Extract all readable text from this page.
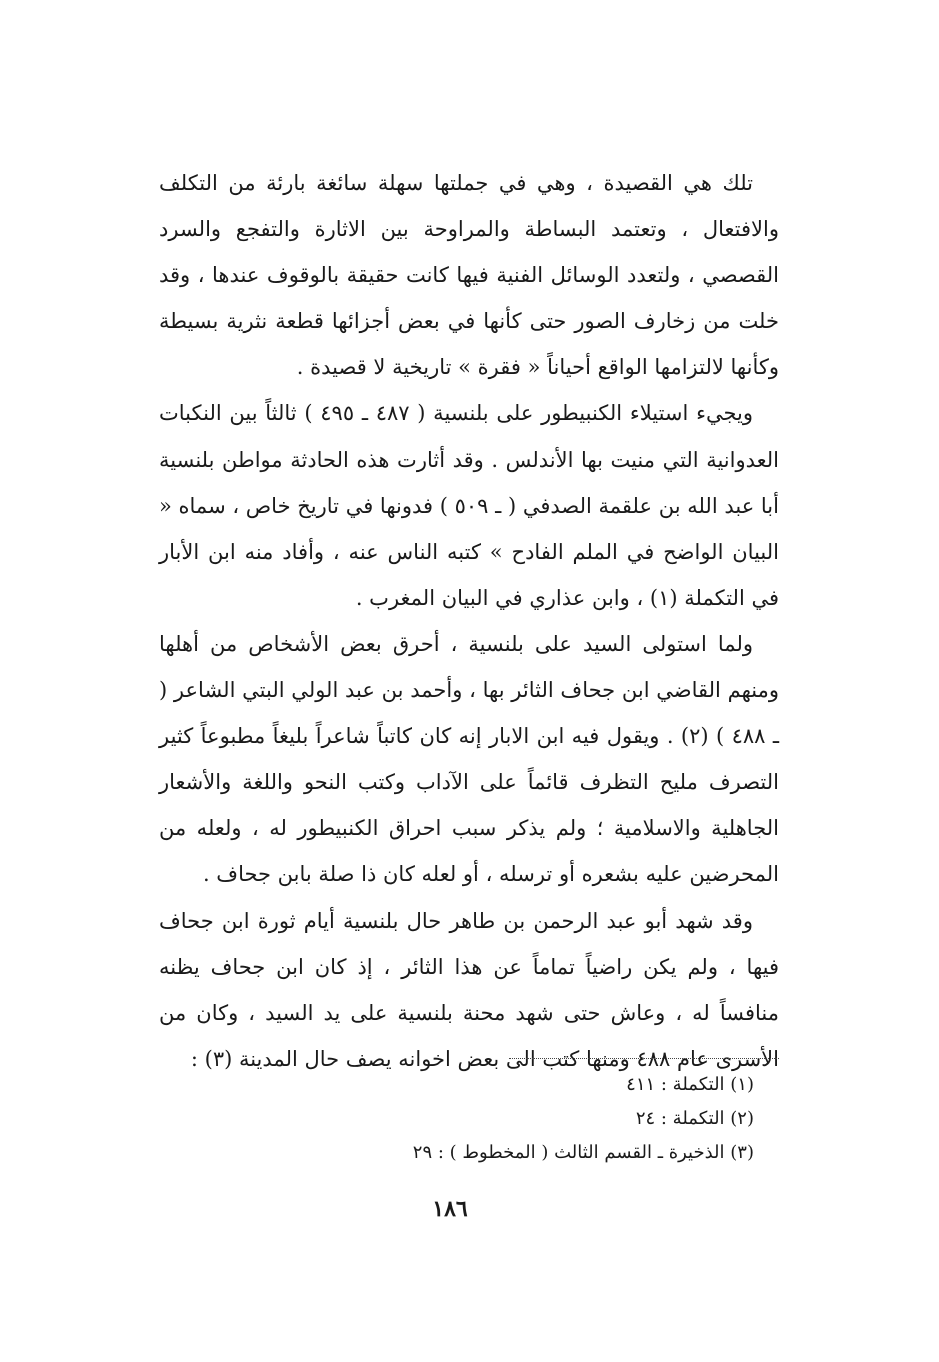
تلك هي القصيدة ، وهي في جملتها سهلة سائغة بارئة من التكلف والافتعال ، وتعتمد البساطة والمراوحة بين الاثارة والتفجع والسرد القصصي ، ولتعدد الوسائل الفنية فيها كانت حقيقة بالوقوف عندها ، وقد خلت من زخارف الصور حتى كأنها في بعض أجزائها قطعة نثرية بسيطة وكأنها لالتزامها الواقع أحياناً « فقرة » تاريخية لا قصيدة .

ويجيء استيلاء الكنبيطور على بلنسية ( ٤٨٧ ـ ٤٩٥ ) ثالثاً بين النكبات العدوانية التي منيت بها الأندلس . وقد أثارت هذه الحادثة مواطن بلنسية أبا عبد الله بن علقمة الصدفي ( ـ ٥٠٩ ) فدونها في تاريخ خاص ، سماه « البيان الواضح في الملم الفادح » كتبه الناس عنه ، وأفاد منه ابن الأبار في التكملة (١) ، وابن عذاري في البيان المغرب .

ولما استولى السيد على بلنسية ، أحرق بعض الأشخاص من أهلها ومنهم القاضي ابن جحاف الثائر بها ، وأحمد بن عبد الولي البتي الشاعر ( ـ ٤٨٨ ) (٢) . ويقول فيه ابن الابار إنه كان كاتباً شاعراً بليغاً مطبوعاً كثير التصرف مليح التظرف قائماً على الآداب وكتب النحو واللغة والأشعار الجاهلية والاسلامية ؛ ولم يذكر سبب احراق الكنبيطور له ، ولعله من المحرضين عليه بشعره أو ترسله ، أو لعله كان ذا صلة بابن جحاف .

وقد شهد أبو عبد الرحمن بن طاهر حال بلنسية أيام ثورة ابن جحاف فيها ، ولم يكن راضياً تماماً عن هذا الثائر ، إذ كان ابن جحاف يظنه منافساً له ، وعاش حتى شهد محنة بلنسية على يد السيد ، وكان من الأسرى عام ٤٨٨ ومنها كتب الى بعض اخوانه يصف حال المدينة (٣) :

(١) التكملة : ٤١١
(٢) التكملة : ٢٤
(٣) الذخيرة ـ القسم الثالث ( المخطوط ) : ٢٩
١٨٦
